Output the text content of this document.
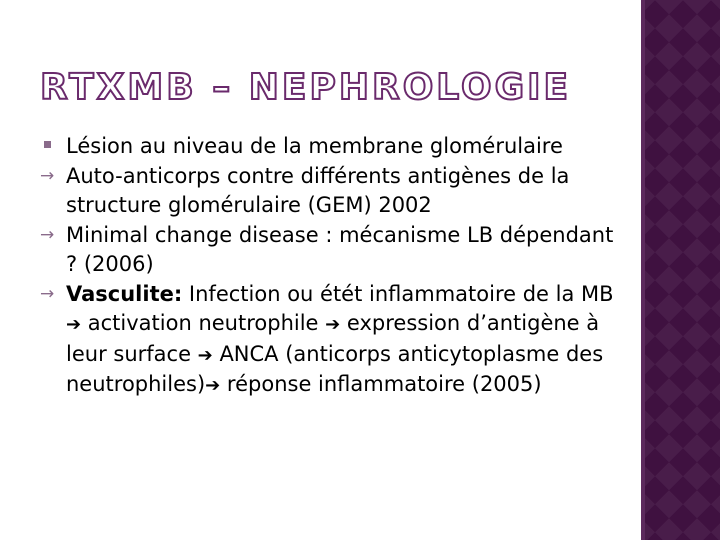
RTXMB – NEPHROLOGIE
Lésion au niveau de la membrane glomérulaire
→ Auto-anticorps contre différents antigènes de la structure glomérulaire (GEM) 2002
→ Minimal change disease : mécanisme LB dépendant ? (2006)
→ Vasculite: Infection ou étét inflammatoire de la MB ➔ activation neutrophile ➔ expression d’antigène à leur surface ➔ ANCA (anticorps anticytoplasme des neutrophiles)➔ réponse inflammatoire (2005)
